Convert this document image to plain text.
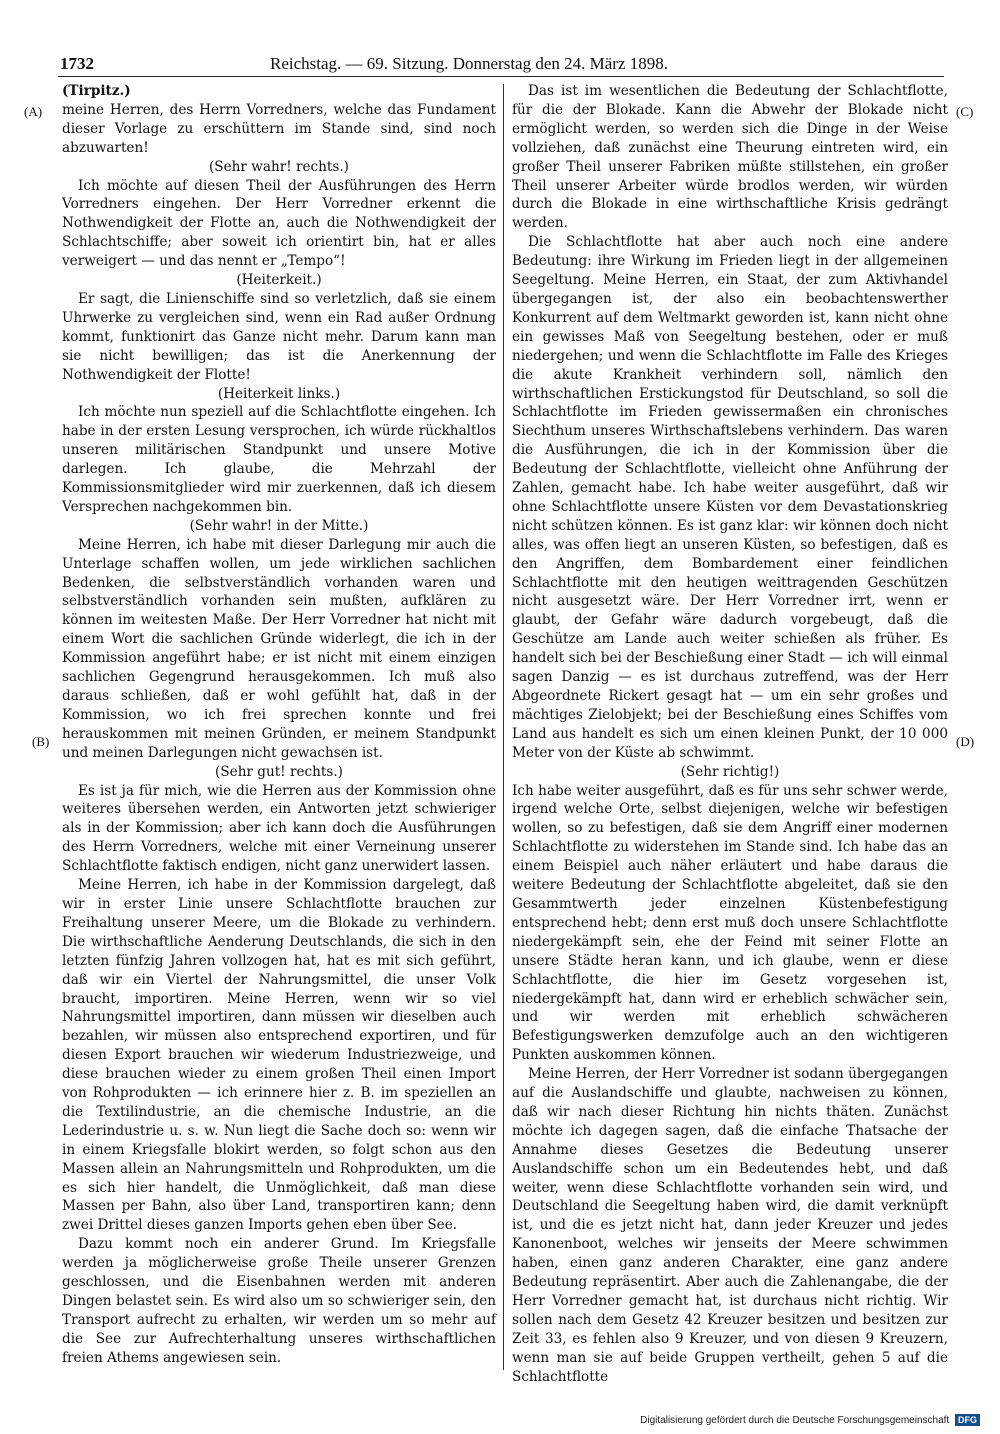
1732	Reichstag. — 69. Sitzung. Donnerstag den 24. März 1898.
(A)
(B)
(C)
(D)

(Tirpitz.)

meine Herren, des Herrn Vorredners, welche das Fundament dieser Vorlage zu erschüttern im Stande sind, sind noch abzuwarten!

(Sehr wahr! rechts.)

Ich möchte auf diesen Theil der Ausführungen des Herrn Vorredners eingehen. Der Herr Vorredner erkennt die Nothwendigkeit der Flotte an, auch die Nothwendigkeit der Schlachtschiffe; aber soweit ich orientirt bin, hat er alles verweigert — und das nennt er „Tempo“!

(Heiterkeit.)

Er sagt, die Linienschiffe sind so verletzlich, daß sie einem Uhrwerke zu vergleichen sind, wenn ein Rad außer Ordnung kommt, funktionirt das Ganze nicht mehr. Darum kann man sie nicht bewilligen; das ist die Anerkennung der Nothwendigkeit der Flotte!

(Heiterkeit links.)

Ich möchte nun speziell auf die Schlachtflotte eingehen. Ich habe in der ersten Lesung versprochen, ich würde rückhaltlos unseren militärischen Standpunkt und unsere Motive darlegen. Ich glaube, die Mehrzahl der Kommissionsmitglieder wird mir zuerkennen, daß ich diesem Versprechen nachgekommen bin.

(Sehr wahr! in der Mitte.)

Meine Herren, ich habe mit dieser Darlegung mir auch die Unterlage schaffen wollen, um jede wirklichen sachlichen Bedenken, die selbstverständlich vorhanden waren und selbstverständlich vorhanden sein mußten, aufklären zu können im weitesten Maße. Der Herr Vorredner hat nicht mit einem Wort die sachlichen Gründe widerlegt, die ich in der Kommission angeführt habe; er ist nicht mit einem einzigen sachlichen Gegengrund herausgekommen. Ich muß also daraus schließen, daß er wohl gefühlt hat, daß in der Kommission, wo ich frei sprechen konnte und frei herauskommen mit meinen Gründen, er meinem Standpunkt und meinen Darlegungen nicht gewachsen ist.

(Sehr gut! rechts.)

Es ist ja für mich, wie die Herren aus der Kommission ohne weiteres übersehen werden, ein Antworten jetzt schwieriger als in der Kommission; aber ich kann doch die Ausführungen des Herrn Vorredners, welche mit einer Verneinung unserer Schlachtflotte faktisch endigen, nicht ganz unerwidert lassen.

Meine Herren, ich habe in der Kommission dargelegt, daß wir in erster Linie unsere Schlachtflotte brauchen zur Freihaltung unserer Meere, um die Blokade zu verhindern. Die wirthschaftliche Aenderung Deutschlands, die sich in den letzten fünfzig Jahren vollzogen hat, hat es mit sich geführt, daß wir ein Viertel der Nahrungsmittel, die unser Volk braucht, importiren. Meine Herren, wenn wir so viel Nahrungsmittel importiren, dann müssen wir dieselben auch bezahlen, wir müssen also entsprechend exportiren, und für diesen Export brauchen wir wiederum Industriezweige, und diese brauchen wieder zu einem großen Theil einen Import von Rohprodukten — ich erinnere hier z. B. im speziellen an die Textilindustrie, an die chemische Industrie, an die Lederindustrie u. s. w. Nun liegt die Sache doch so: wenn wir in einem Kriegsfalle blokirt werden, so folgt schon aus den Massen allein an Nahrungsmitteln und Rohprodukten, um die es sich hier handelt, die Unmöglichkeit, daß man diese Massen per Bahn, also über Land, transportiren kann; denn zwei Drittel dieses ganzen Imports gehen eben über See.

Dazu kommt noch ein anderer Grund. Im Kriegsfalle werden ja möglicherweise große Theile unserer Grenzen geschlossen, und die Eisenbahnen werden mit anderen Dingen belastet sein. Es wird also um so schwieriger sein, den Transport aufrecht zu erhalten, wir werden um so mehr auf die See zur Aufrechterhaltung unseres wirthschaftlichen freien Athems angewiesen sein.

Das ist im wesentlichen die Bedeutung der Schlachtflotte, für die der Blokade. Kann die Abwehr der Blokade nicht ermöglicht werden, so werden sich die Dinge in der Weise vollziehen, daß zunächst eine Theurung eintreten wird, ein großer Theil unserer Fabriken müßte stillstehen, ein großer Theil unserer Arbeiter würde brodlos werden, wir würden durch die Blokade in eine wirthschaftliche Krisis gedrängt werden.

Die Schlachtflotte hat aber auch noch eine andere Bedeutung: ihre Wirkung im Frieden liegt in der allgemeinen Seegeltung. Meine Herren, ein Staat, der zum Aktivhandel übergegangen ist, der also ein beobachtenswerther Konkurrent auf dem Weltmarkt geworden ist, kann nicht ohne ein gewisses Maß von Seegeltung bestehen, oder er muß niedergehen; und wenn die Schlachtflotte im Falle des Krieges die akute Krankheit verhindern soll, nämlich den wirthschaftlichen Erstickungstod für Deutschland, so soll die Schlachtflotte im Frieden gewissermaßen ein chronisches Siechthum unseres Wirthschaftslebens verhindern. Das waren die Ausführungen, die ich in der Kommission über die Bedeutung der Schlachtflotte, vielleicht ohne Anführung der Zahlen, gemacht habe. Ich habe weiter ausgeführt, daß wir ohne Schlachtflotte unsere Küsten vor dem Devastationskrieg nicht schützen können. Es ist ganz klar: wir können doch nicht alles, was offen liegt an unseren Küsten, so befestigen, daß es den Angriffen, dem Bombardement einer feindlichen Schlachtflotte mit den heutigen weittragenden Geschützen nicht ausgesetzt wäre. Der Herr Vorredner irrt, wenn er glaubt, der Gefahr wäre dadurch vorgebeugt, daß die Geschütze am Lande auch weiter schießen als früher. Es handelt sich bei der Beschießung einer Stadt — ich will einmal sagen Danzig — es ist durchaus zutreffend, was der Herr Abgeordnete Rickert gesagt hat — um ein sehr großes und mächtiges Zielobjekt; bei der Beschießung eines Schiffes vom Land aus handelt es sich um einen kleinen Punkt, der 10 000 Meter von der Küste ab schwimmt.

(Sehr richtig!)

Ich habe weiter ausgeführt, daß es für uns sehr schwer werde, irgend welche Orte, selbst diejenigen, welche wir befestigen wollen, so zu befestigen, daß sie dem Angriff einer modernen Schlachtflotte zu widerstehen im Stande sind. Ich habe das an einem Beispiel auch näher erläutert und habe daraus die weitere Bedeutung der Schlachtflotte abgeleitet, daß sie den Gesammtwerth jeder einzelnen Küstenbefestigung entsprechend hebt; denn erst muß doch unsere Schlachtflotte niedergekämpft sein, ehe der Feind mit seiner Flotte an unsere Städte heran kann, und ich glaube, wenn er diese Schlachtflotte, die hier im Gesetz vorgesehen ist, niedergekämpft hat, dann wird er erheblich schwächer sein, und wir werden mit erheblich schwächeren Befestigungswerken demzufolge auch an den wichtigeren Punkten auskommen können.

Meine Herren, der Herr Vorredner ist sodann übergegangen auf die Auslandschiffe und glaubte, nachweisen zu können, daß wir nach dieser Richtung hin nichts thäten. Zunächst möchte ich dagegen sagen, daß die einfache Thatsache der Annahme dieses Gesetzes die Bedeutung unserer Auslandschiffe schon um ein Bedeutendes hebt, und daß weiter, wenn diese Schlachtflotte vorhanden sein wird, und Deutschland die Seegeltung haben wird, die damit verknüpft ist, und die es jetzt nicht hat, dann jeder Kreuzer und jedes Kanonenboot, welches wir jenseits der Meere schwimmen haben, einen ganz anderen Charakter, eine ganz andere Bedeutung repräsentirt. Aber auch die Zahlenangabe, die der Herr Vorredner gemacht hat, ist durchaus nicht richtig. Wir sollen nach dem Gesetz 42 Kreuzer besitzen und besitzen zur Zeit 33, es fehlen also 9 Kreuzer, und von diesen 9 Kreuzern, wenn man sie auf beide Gruppen vertheilt, gehen 5 auf die Schlachtflotte

Digitalisierung gefördert durch die Deutsche Forschungsgemeinschaft DFG
